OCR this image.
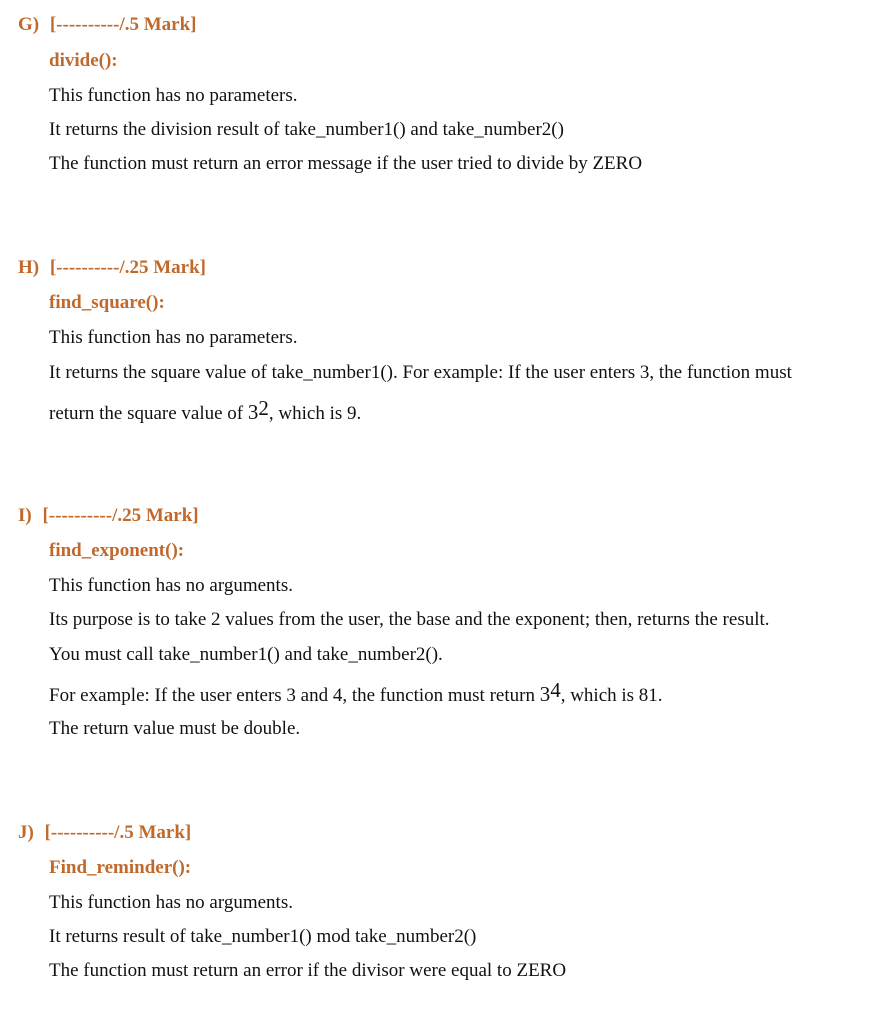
G) [----------/.5 Mark]
divide():
This function has no parameters.
It returns the division result of take_number1() and take_number2()
The function must return an error message if the user tried to divide by ZERO
H) [----------/.25 Mark]
find_square():
This function has no parameters.
It returns the square value of take_number1(). For example: If the user enters 3, the function must
return the square value of $3^2$, which is 9.
I) [----------/.25 Mark]
find_exponent():
This function has no arguments.
Its purpose is to take 2 values from the user, the base and the exponent; then, returns the result.
You must call take_number1() and take_number2().
For example: If the user enters 3 and 4, the function must return $3^4$, which is 81.
The return value must be double.
J) [----------/.5 Mark]
Find_reminder():
This function has no arguments.
It returns result of take_number1() mod take_number2()
The function must return an error if the divisor were equal to ZERO
